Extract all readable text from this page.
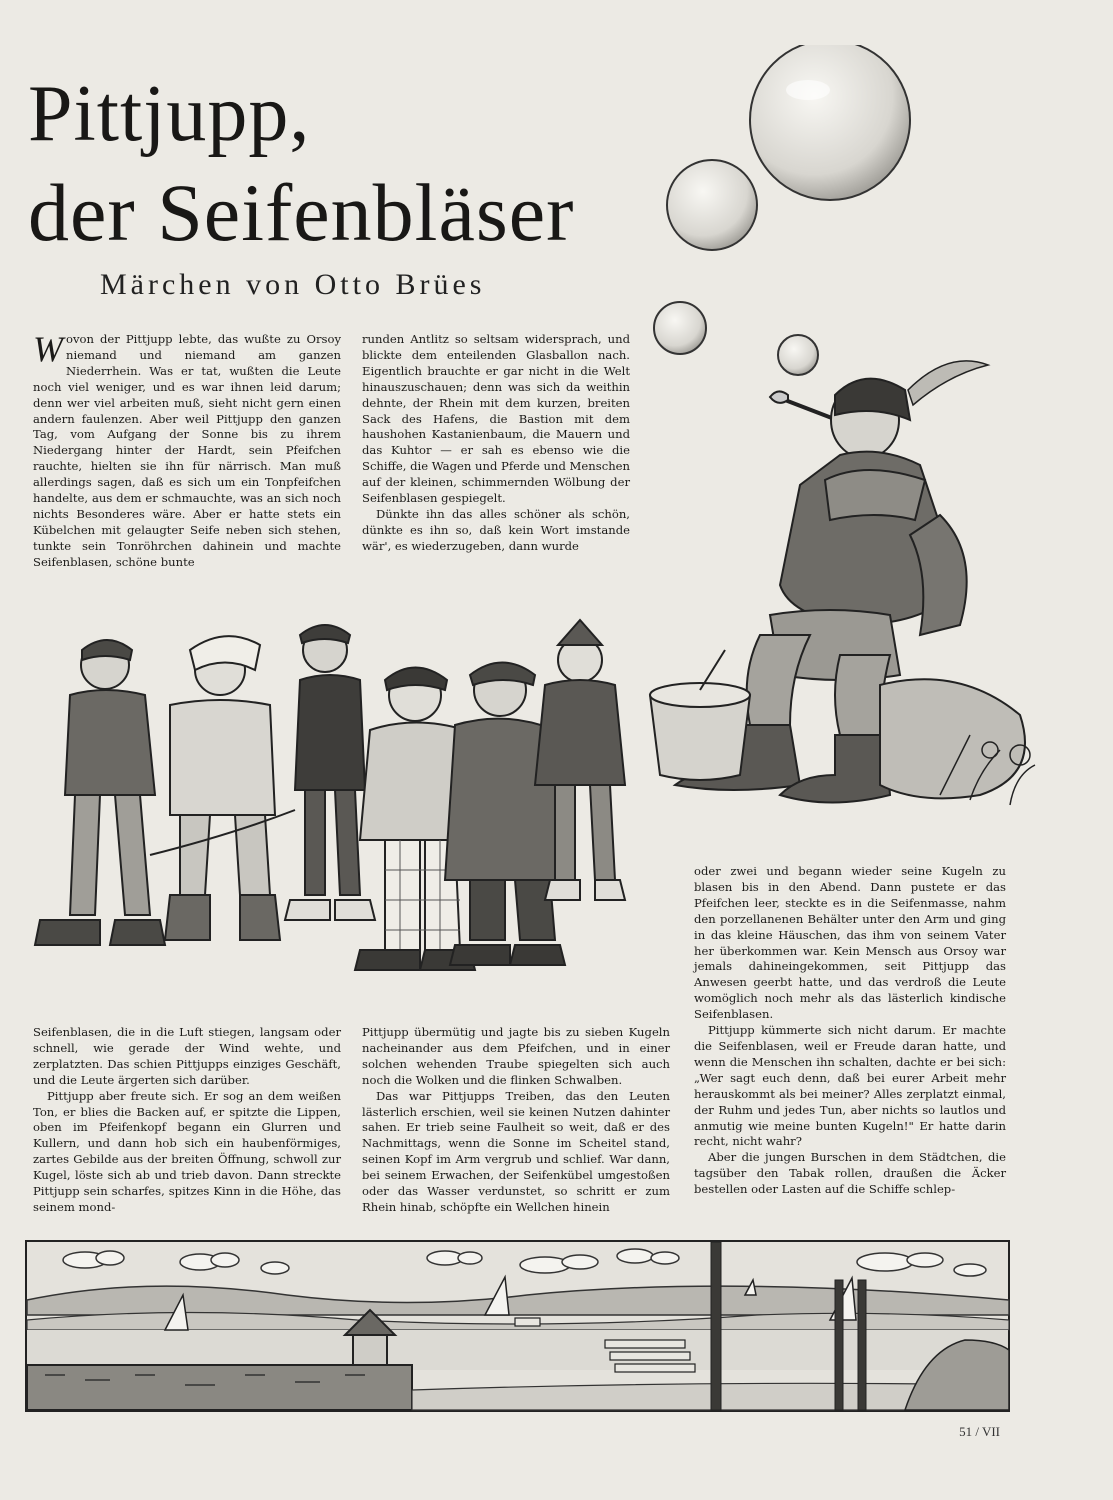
Pittjupp,
der Seifenbläser
Märchen von Otto Brües

Wovon der Pittjupp lebte, das wußte zu Orsoy niemand und niemand am ganzen Niederrhein. Was er tat, wußten die Leute noch viel weniger, und es war ihnen leid darum; denn wer viel arbeiten muß, sieht nicht gern einen andern faulenzen. Aber weil Pittjupp den ganzen Tag, vom Aufgang der Sonne bis zu ihrem Niedergang hinter der Hardt, sein Pfeifchen rauchte, hielten sie ihn für närrisch. Man muß allerdings sagen, daß es sich um ein Tonpfeifchen handelte, aus dem er schmauchte, was an sich noch nichts Besonderes wäre. Aber er hatte stets ein Kübelchen mit gelaugter Seife neben sich stehen, tunkte sein Tonröhrchen dahinein und machte Seifenblasen, schöne bunte

runden Antlitz so seltsam widersprach, und blickte dem enteilenden Glasballon nach. Eigentlich brauchte er gar nicht in die Welt hinauszuschauen; denn was sich da weithin dehnte, der Rhein mit dem kurzen, breiten Sack des Hafens, die Bastion mit dem haushohen Kastanienbaum, die Mauern und das Kuhtor — er sah es ebenso wie die Schiffe, die Wagen und Pferde und Menschen auf der kleinen, schimmernden Wölbung der Seifenblasen gespiegelt.

Dünkte ihn das alles schöner als schön, dünkte es ihn so, daß kein Wort imstande wär', es wiederzugeben, dann wurde

oder zwei und begann wieder seine Kugeln zu blasen bis in den Abend. Dann pustete er das Pfeifchen leer, steckte es in die Seifenmasse, nahm den porzellanenen Behälter unter den Arm und ging in das kleine Häuschen, das ihm von seinem Vater her überkommen war. Kein Mensch aus Orsoy war jemals dahineingekommen, seit Pittjupp das Anwesen geerbt hatte, und das verdroß die Leute womöglich noch mehr als das lästerlich kindische Seifenblasen.

Pittjupp kümmerte sich nicht darum. Er machte die Seifenblasen, weil er Freude daran hatte, und wenn die Menschen ihn schalten, dachte er bei sich: „Wer sagt euch denn, daß bei eurer Arbeit mehr herauskommt als bei meiner? Alles zerplatzt einmal, der Ruhm und jedes Tun, aber nichts so lautlos und anmutig wie meine bunten Kugeln!" Er hatte darin recht, nicht wahr?

Aber die jungen Burschen in dem Städtchen, die tagsüber den Tabak rollen, draußen die Äcker bestellen oder Lasten auf die Schiffe schlep-

Seifenblasen, die in die Luft stiegen, langsam oder schnell, wie gerade der Wind wehte, und zerplatzten. Das schien Pittjupps einziges Geschäft, und die Leute ärgerten sich darüber.

Pittjupp aber freute sich. Er sog an dem weißen Ton, er blies die Backen auf, er spitzte die Lippen, oben im Pfeifenkopf begann ein Glurren und Kullern, und dann hob sich ein haubenförmiges, zartes Gebilde aus der breiten Öffnung, schwoll zur Kugel, löste sich ab und trieb davon. Dann streckte Pittjupp sein scharfes, spitzes Kinn in die Höhe, das seinem mond-

Pittjupp übermütig und jagte bis zu sieben Kugeln nacheinander aus dem Pfeifchen, und in einer solchen wehenden Traube spiegelten sich auch noch die Wolken und die flinken Schwalben.

Das war Pittjupps Treiben, das den Leuten lästerlich erschien, weil sie keinen Nutzen dahinter sahen. Er trieb seine Faulheit so weit, daß er des Nachmittags, wenn die Sonne im Scheitel stand, seinen Kopf im Arm vergrub und schlief. War dann, bei seinem Erwachen, der Seifenkübel umgestoßen oder das Wasser verdunstet, so schritt er zum Rhein hinab, schöpfte ein Wellchen hinein

51 / VII
